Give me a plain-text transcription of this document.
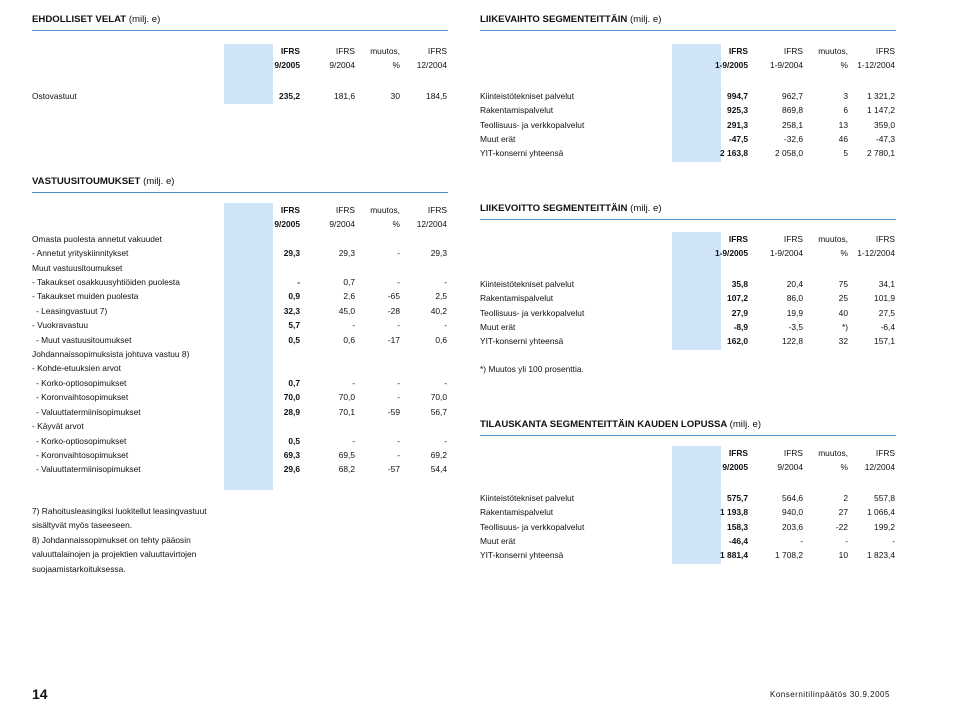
EHDOLLISET VELAT (milj. e)
	IFRS	IFRS	muutos,	IFRS
	9/2005	9/2004	%	12/2004

Ostovastuut	235,2	181,6	30	184,5
VASTUUSITOUMUKSET (milj. e)
	IFRS	IFRS	muutos,	IFRS
	9/2005	9/2004	%	12/2004
Omasta puolesta annetut vakuudet				
- Annetut yrityskiinnitykset	29,3	29,3	-	29,3
Muut vastuusitoumukset				
- Takaukset osakkuusyhtiöiden puolesta	-	0,7	-	-
- Takaukset muiden puolesta	0,9	2,6	-65	2,5
- Leasingvastuut 7)	32,3	45,0	-28	40,2
- Vuokravastuu	5,7	-	-	-
- Muut vastuusitoumukset	0,5	0,6	-17	0,6
Johdannaissopimuksista johtuva vastuu 8)				
- Kohde-etuuksien arvot				
- Korko-optiosopimukset	0,7	-	-	-
- Koronvaihtosopimukset	70,0	70,0	-	70,0
- Valuuttatermiinisopimukset	28,9	70,1	-59	56,7
- Käyvät arvot				
- Korko-optiosopimukset	0,5	-	-	-
- Koronvaihtosopimukset	69,3	69,5	-	69,2
- Valuuttatermiinisopimukset	29,6	68,2	-57	54,4
7) Rahoitusleasingiksi luokitellut leasingvastuut
sisältyvät myös taseeseen.
8) Johdannaissopimukset on tehty pääosin
valuuttalainojen ja projektien valuuttavirtojen
suojaamistarkoituksessa.
LIIKEVAIHTO SEGMENTEITTÄIN (milj. e)
	IFRS	IFRS	muutos,	IFRS
	1-9/2005	1-9/2004	%	1-12/2004

Kiinteistötekniset palvelut	994,7	962,7	3	1 321,2
Rakentamispalvelut	925,3	869,8	6	1 147,2
Teollisuus- ja verkkopalvelut	291,3	258,1	13	359,0
Muut erät	-47,5	-32,6	46	-47,3
YIT-konserni yhteensä	2 163,8	2 058,0	5	2 780,1
LIIKEVOITTO SEGMENTEITTÄIN (milj. e)
	IFRS	IFRS	muutos,	IFRS
	1-9/2005	1-9/2004	%	1-12/2004

Kiinteistötekniset palvelut	35,8	20,4	75	34,1
Rakentamispalvelut	107,2	86,0	25	101,9
Teollisuus- ja verkkopalvelut	27,9	19,9	40	27,5
Muut erät	-8,9	-3,5	*)	-6,4
YIT-konserni yhteensä	162,0	122,8	32	157,1
*) Muutos yli 100 prosenttia.
TILAUSKANTA SEGMENTEITTÄIN KAUDEN LOPUSSA (milj. e)
	IFRS	IFRS	muutos,	IFRS
	9/2005	9/2004	%	12/2004

Kiinteistötekniset palvelut	575,7	564,6	2	557,8
Rakentamispalvelut	1 193,8	940,0	27	1 066,4
Teollisuus- ja verkkopalvelut	158,3	203,6	-22	199,2
Muut erät	-46,4	-	-	-
YIT-konserni yhteensä	1 881,4	1 708,2	10	1 823,4
14	Konsernitilinpäätös 30.9.2005
